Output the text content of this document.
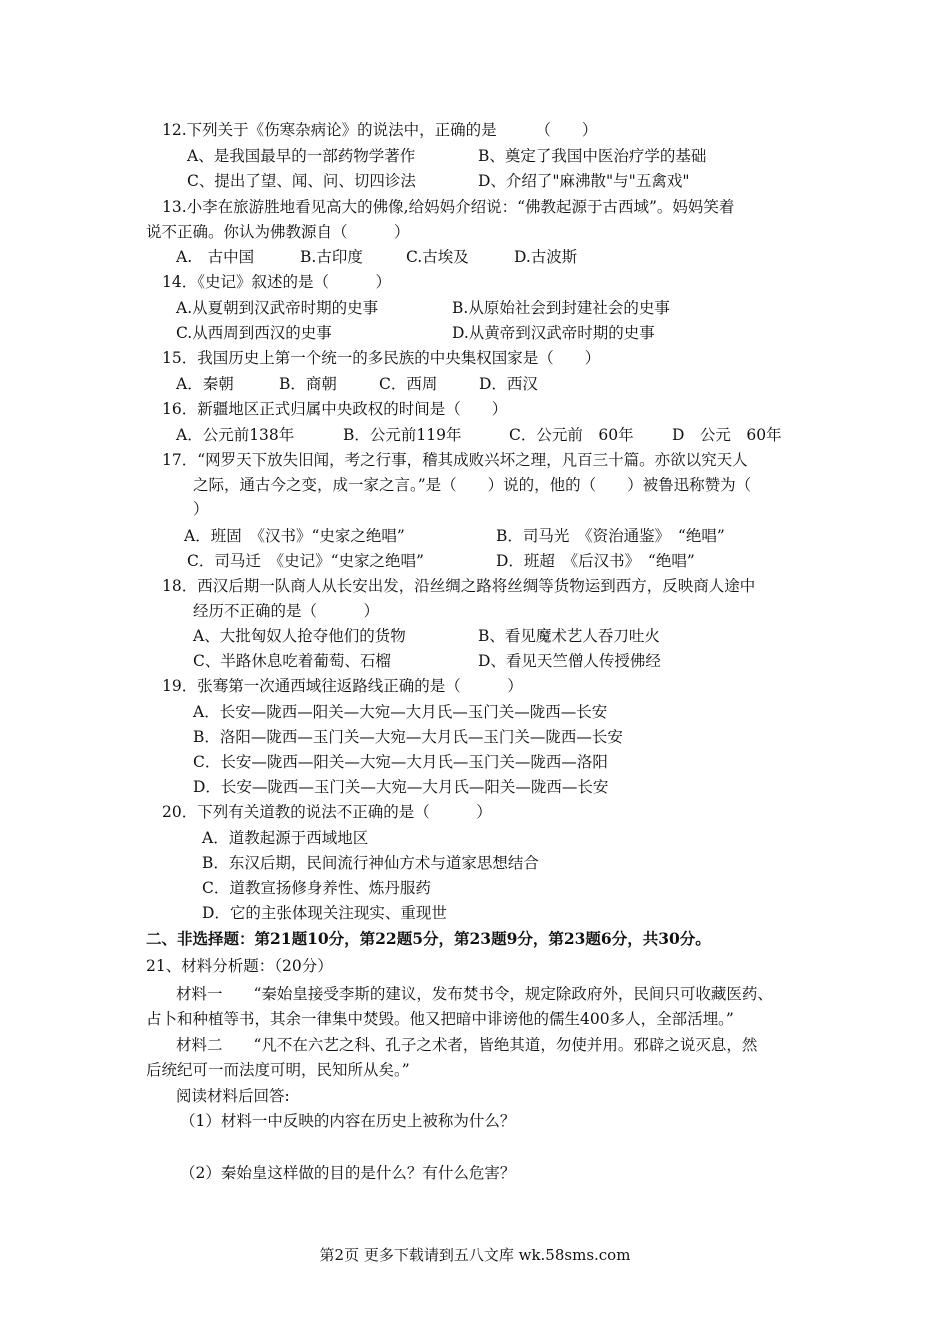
12.下列关于《伤寒杂病论》的说法中，正确的是　　　（　　）
A、是我国最早的一部药物学著作	B、奠定了我国中医治疗学的基础
C、提出了望、闻、问、切四诊法	D、介绍了"麻沸散"与"五禽戏"
13.小李在旅游胜地看见高大的佛像,给妈妈介绍说：“佛教起源于古西域”。妈妈笑着
说不正确。你认为佛教源自（　　　）
A.　古中国	B.古印度	C.古埃及	D.古波斯
14．《史记》叙述的是（　　　）
A.从夏朝到汉武帝时期的史事	B.从原始社会到封建社会的史事
C.从西周到西汉的史事	D.从黄帝到汉武帝时期的史事
15．我国历史上第一个统一的多民族的中央集权国家是（　　）
A．秦朝	B．商朝	C．西周	D．西汉
16．新疆地区正式归属中央政权的时间是（　　）
A．公元前138年	B．公元前119年	C．公元前　60年 D　公元　60年
17．“网罗天下放失旧闻，考之行事，稽其成败兴坏之理，凡百三十篇。亦欲以究天人
之际，通古今之变，成一家之言。”是（　　）说的，他的（　　）被鲁迅称赞为（
）
A．班固　《汉书》“史家之绝唱”	B．司马光　《资治通鉴》　“绝唱”
C．司马迁　《史记》“史家之绝唱”	D．班超　《后汉书》　“绝唱”
18．西汉后期一队商人从长安出发，沿丝绸之路将丝绸等货物运到西方，反映商人途中
经历不正确的是（　　　）
A、大批匈奴人抢夺他们的货物	B、看见魔术艺人吞刀吐火
C、半路休息吃着葡萄、石榴	D、看见天竺僧人传授佛经
19．张骞第一次通西域往返路线正确的是（　　　）
A．长安—陇西—阳关—大宛—大月氏—玉门关—陇西—长安
B．洛阳—陇西—玉门关—大宛—大月氏—玉门关—陇西—长安
C．长安—陇西—阳关—大宛—大月氏—玉门关—陇西—洛阳
D．长安—陇西—玉门关—大宛—大月氏—阳关—陇西—长安
20．下列有关道教的说法不正确的是（　　　）
A．道教起源于西域地区
B．东汉后期，民间流行神仙方术与道家思想结合
C．道教宣扬修身养性、炼丹服药
D．它的主张体现关注现实、重现世
二、非选择题：第21题10分，第22题5分，第23题9分，第23题6分，共30分。
21、材料分析题：（20分）
材料一　　“秦始皇接受李斯的建议，发布焚书令，规定除政府外，民间只可收藏医药、
占卜和种植等书，其余一律集中焚毁。他又把暗中诽谤他的儒生400多人，全部活埋。”
材料二　　“凡不在六艺之科、孔子之术者，皆绝其道，勿使并用。邪辟之说灭息，然
后统纪可一而法度可明，民知所从矣。”
阅读材料后回答:
（1）材料一中反映的内容在历史上被称为什么？
（2）秦始皇这样做的目的是什么？有什么危害？
第2页 更多下载请到五八文库 wk.58sms.com
